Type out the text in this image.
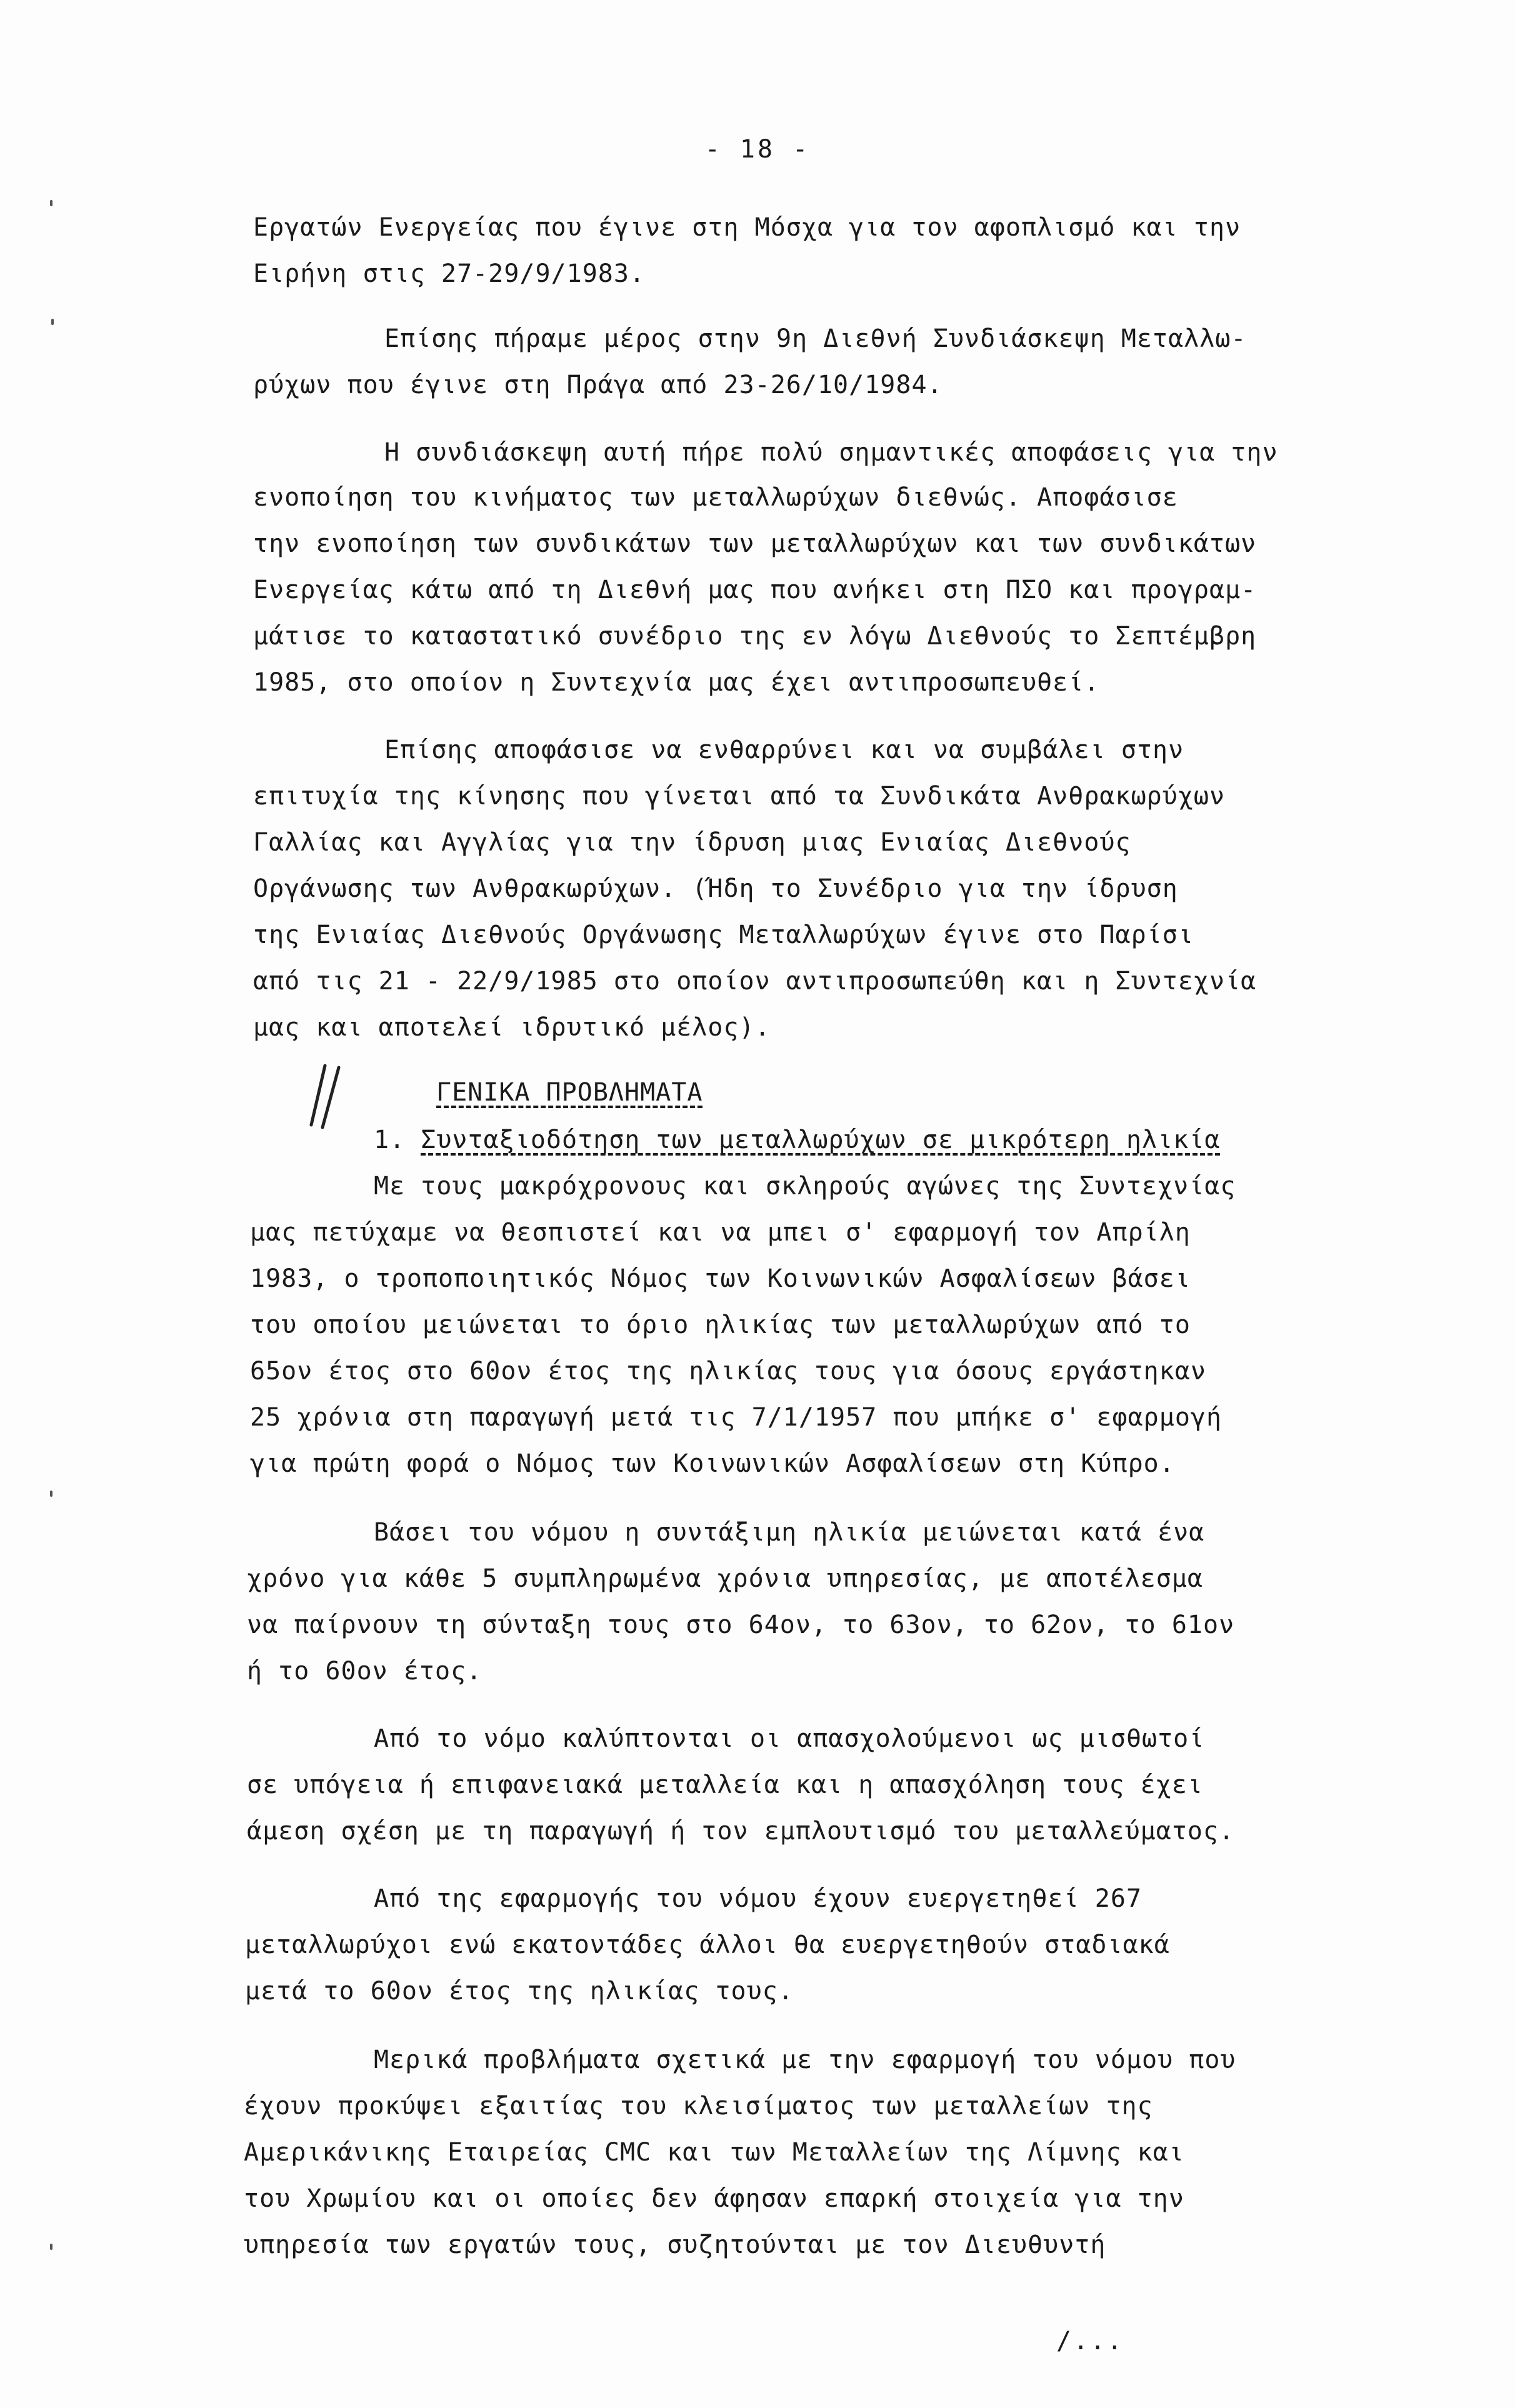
- 18 -
Εργατών Ενεργείας που έγινε στη Μόσχα για τον αφοπλισμό και την
Ειρήνη στις 27-29/9/1983.
Επίσης πήραμε μέρος στην 9η Διεθνή Συνδιάσκεψη Μεταλλω-
ρύχων που έγινε στη Πράγα από 23-26/10/1984.
Η συνδιάσκεψη αυτή πήρε πολύ σημαντικές αποφάσεις για την
ενοποίηση του κινήματος των μεταλλωρύχων διεθνώς. Αποφάσισε
την ενοποίηση των συνδικάτων των μεταλλωρύχων και των συνδικάτων
Ενεργείας κάτω από τη Διεθνή μας που ανήκει στη ΠΣΟ και προγραμ-
μάτισε το καταστατικό συνέδριο της εν λόγω Διεθνούς το Σεπτέμβρη
1985, στο οποίον η Συντεχνία μας έχει αντιπροσωπευθεί.
Επίσης αποφάσισε να ενθαρρύνει και να συμβάλει στην
επιτυχία της κίνησης που γίνεται από τα Συνδικάτα Ανθρακωρύχων
Γαλλίας και Αγγλίας για την ίδρυση μιας Ενιαίας Διεθνούς
Οργάνωσης των Ανθρακωρύχων. (Ήδη το Συνέδριο για την ίδρυση
της Ενιαίας Διεθνούς Οργάνωσης Μεταλλωρύχων έγινε στο Παρίσι
από τις 21 - 22/9/1985 στο οποίον αντιπροσωπεύθη και η Συντεχνία
μας και αποτελεί ιδρυτικό μέλος).
ΓΕΝΙΚΑ ΠΡΟΒΛΗΜΑΤΑ
1. Συνταξιοδότηση των μεταλλωρύχων σε μικρότερη ηλικία
Με τους μακρόχρονους και σκληρούς αγώνες της Συντεχνίας
μας πετύχαμε να θεσπιστεί και να μπει σ' εφαρμογή τον Απρίλη
1983, ο τροποποιητικός Νόμος των Κοινωνικών Ασφαλίσεων βάσει
του οποίου μειώνεται το όριο ηλικίας των μεταλλωρύχων από το
65ον έτος στο 60ον έτος της ηλικίας τους για όσους εργάστηκαν
25 χρόνια στη παραγωγή μετά τις 7/1/1957 που μπήκε σ' εφαρμογή
για πρώτη φορά ο Νόμος των Κοινωνικών Ασφαλίσεων στη Κύπρο.
Βάσει του νόμου η συντάξιμη ηλικία μειώνεται κατά ένα
χρόνο για κάθε 5 συμπληρωμένα χρόνια υπηρεσίας, με αποτέλεσμα
να παίρνουν τη σύνταξη τους στο 64ον, το 63ον, το 62ον, το 61ον
ή το 60ον έτος.
Από το νόμο καλύπτονται οι απασχολούμενοι ως μισθωτοί
σε υπόγεια ή επιφανειακά μεταλλεία και η απασχόληση τους έχει
άμεση σχέση με τη παραγωγή ή τον εμπλουτισμό του μεταλλεύματος.
Από της εφαρμογής του νόμου έχουν ευεργετηθεί 267
μεταλλωρύχοι ενώ εκατοντάδες άλλοι θα ευεργετηθούν σταδιακά
μετά το 60ον έτος της ηλικίας τους.
Μερικά προβλήματα σχετικά με την εφαρμογή του νόμου που
έχουν προκύψει εξαιτίας του κλεισίματος των μεταλλείων της
Αμερικάνικης Εταιρείας CMC και των Μεταλλείων της Λίμνης και
του Χρωμίου και οι οποίες δεν άφησαν επαρκή στοιχεία για την
υπηρεσία των εργατών τους, συζητούνται με τον Διευθυντή
/...
